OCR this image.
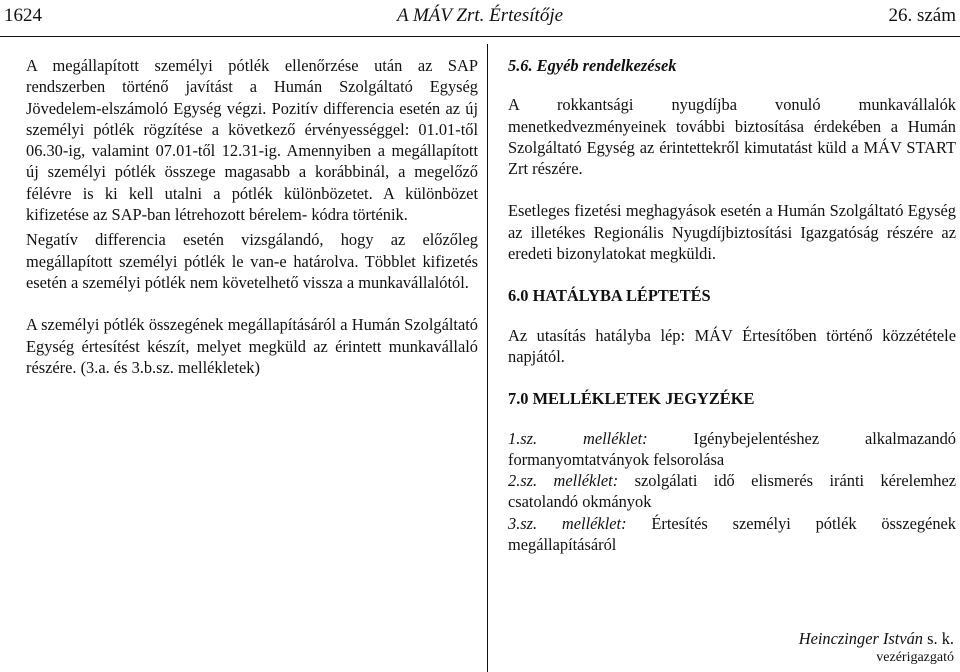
1624	A MÁV Zrt. Értesítője	26. szám

A megállapított személyi pótlék ellenőrzése után az SAP rendszerben történő javítást a Humán Szolgáltató Egység Jövedelem-elszámoló Egység végzi. Pozitív differencia esetén az új személyi pótlék rögzítése a következő érvényességgel: 01.01-től 06.30-ig, valamint 07.01-től 12.31-ig. Amennyiben a megállapított új személyi pótlék összege magasabb a korábbinál, a megelőző félévre is ki kell utalni a pótlék különbözetet. A különbözet kifizetése az SAP-ban létrehozott bérelem- kódra történik.

Negatív differencia esetén vizsgálandó, hogy az előzőleg megállapított személyi pótlék le van-e határolva. Többlet kifizetés esetén a személyi pótlék nem követelhető vissza a munkavállalótól.

A személyi pótlék összegének megállapításáról a Humán Szolgáltató Egység értesítést készít, melyet megküld az érintett munkavállaló részére. (3.a. és 3.b.sz. mellékletek)

5.6. Egyéb rendelkezések

A rokkantsági nyugdíjba vonuló munkavállalók menetkedvezményeinek további biztosítása érdekében a Humán Szolgáltató Egység az érintettekről kimutatást küld a MÁV START Zrt részére.

Esetleges fizetési meghagyások esetén a Humán Szolgáltató Egység az illetékes Regionális Nyugdíjbiztosítási Igazgatóság részére az eredeti bizonylatokat megküldi.

6.0 HATÁLYBA LÉPTETÉS

Az utasítás hatályba lép: MÁV Értesítőben történő közzététele napjától.

7.0 MELLÉKLETEK JEGYZÉKE

1.sz. melléklet:	Igénybejelentéshez alkalmazandó formanyomtatványok felsorolása

2.sz. melléklet: szolgálati idő elismerés iránti kérelemhez csatolandó okmányok

3.sz. melléklet: Értesítés személyi pótlék összegének megállapításáról

Heinczinger István s. k.
vezérigazgató
